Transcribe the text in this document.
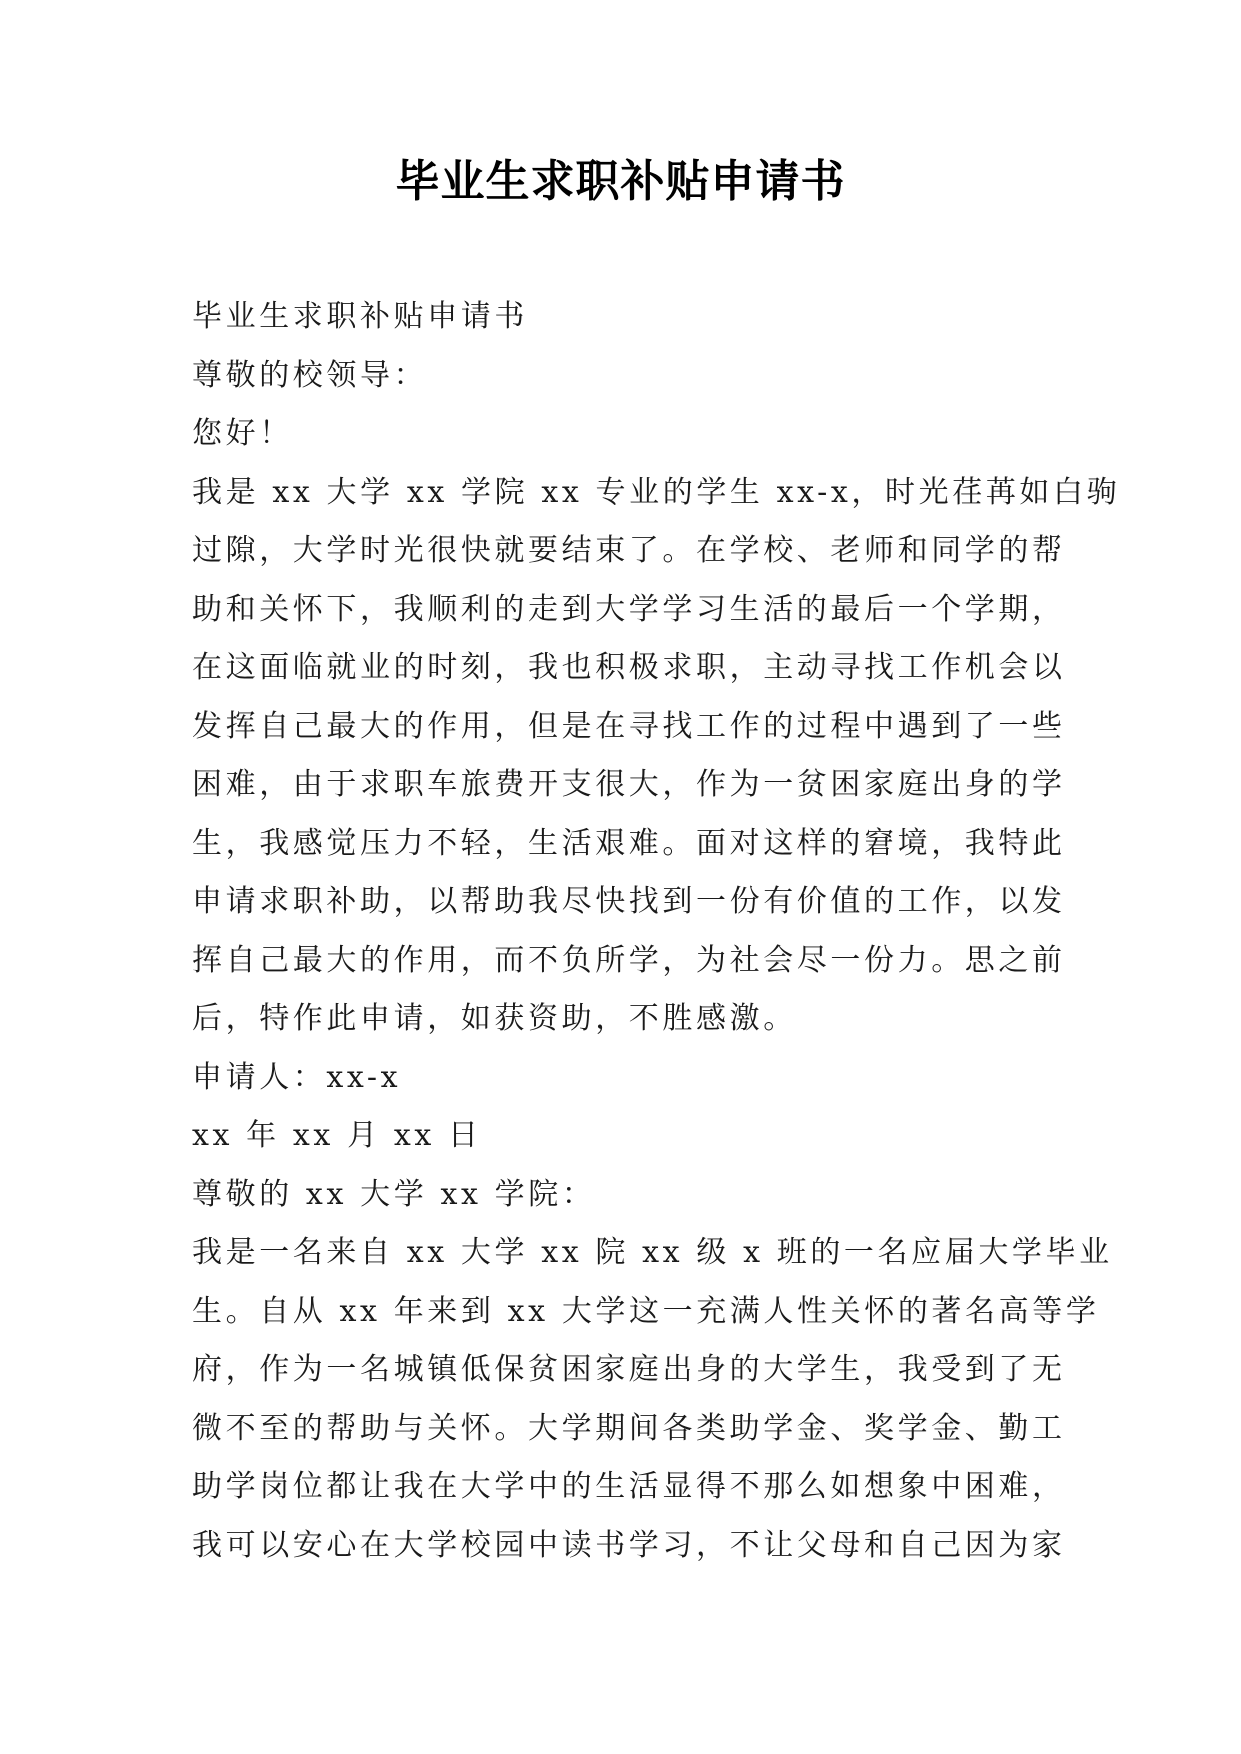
毕业生求职补贴申请书
毕业生求职补贴申请书
尊敬的校领导：
您好！
我是 xx 大学 xx 学院 xx 专业的学生 xx-x，时光荏苒如白驹
过隙，大学时光很快就要结束了。在学校、老师和同学的帮
助和关怀下，我顺利的走到大学学习生活的最后一个学期，
在这面临就业的时刻，我也积极求职，主动寻找工作机会以
发挥自己最大的作用，但是在寻找工作的过程中遇到了一些
困难，由于求职车旅费开支很大，作为一贫困家庭出身的学
生，我感觉压力不轻，生活艰难。面对这样的窘境，我特此
申请求职补助，以帮助我尽快找到一份有价值的工作，以发
挥自己最大的作用，而不负所学，为社会尽一份力。思之前
后，特作此申请，如获资助，不胜感激。
申请人：xx-x
xx 年 xx 月 xx 日
尊敬的 xx 大学 xx 学院：
我是一名来自 xx 大学 xx 院 xx 级 x 班的一名应届大学毕业
生。自从 xx 年来到 xx 大学这一充满人性关怀的著名高等学
府，作为一名城镇低保贫困家庭出身的大学生，我受到了无
微不至的帮助与关怀。大学期间各类助学金、奖学金、勤工
助学岗位都让我在大学中的生活显得不那么如想象中困难，
我可以安心在大学校园中读书学习，不让父母和自己因为家
